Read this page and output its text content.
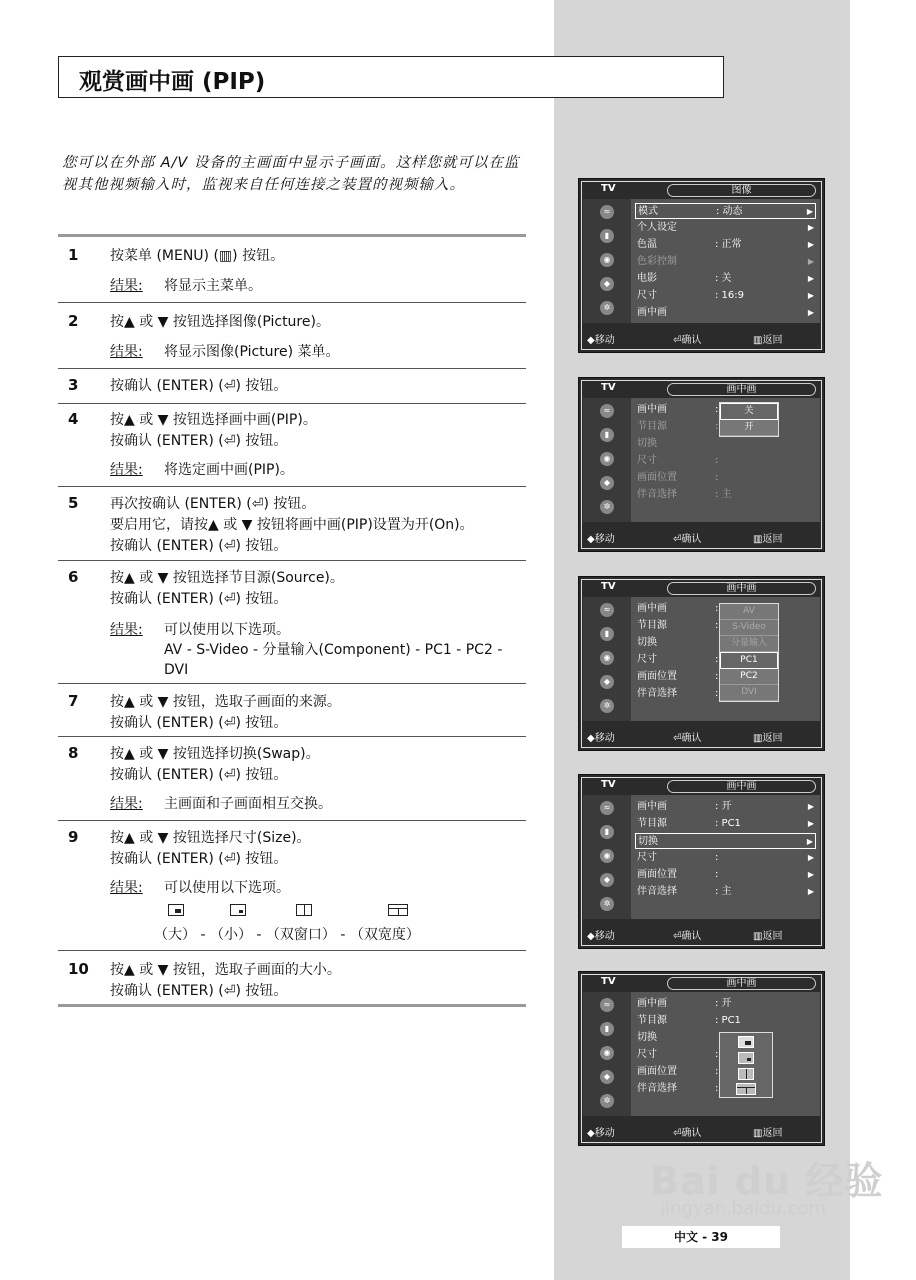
观赏画中画 (PIP)
您可以在外部 A/V 设备的主画面中显示子画面。这样您就可以在监视其他视频输入时，监视来自任何连接之装置的视频输入。
1 按菜单 (MENU) (▥) 按钮。
结果: 将显示主菜单。
2 按▲ 或 ▼ 按钮选择图像(Picture)。
结果: 将显示图像(Picture) 菜单。
3 按确认 (ENTER) (⏎) 按钮。
4 按▲ 或 ▼ 按钮选择画中画(PIP)。
按确认 (ENTER) (⏎) 按钮。
结果: 将选定画中画(PIP)。
5 再次按确认 (ENTER) (⏎) 按钮。
要启用它，请按▲ 或 ▼ 按钮将画中画(PIP)设置为开(On)。
按确认 (ENTER) (⏎) 按钮。
6 按▲ 或 ▼ 按钮选择节目源(Source)。
按确认 (ENTER) (⏎) 按钮。
结果: 可以使用以下选项。
AV - S-Video - 分量输入(Component) - PC1 - PC2 -
DVI
7 按▲ 或 ▼ 按钮，选取子画面的来源。
按确认 (ENTER) (⏎) 按钮。
8 按▲ 或 ▼ 按钮选择切换(Swap)。
按确认 (ENTER) (⏎) 按钮。
结果: 主画面和子画面相互交换。
9 按▲ 或 ▼ 按钮选择尺寸(Size)。
按确认 (ENTER) (⏎) 按钮。
结果: 可以使用以下选项。
（大） - （小） - （双窗口） - （双宽度）
10 按▲ 或 ▼ 按钮，选取子画面的大小。
按确认 (ENTER) (⏎) 按钮。
TV	图像
≈
▮
◉
◆
✲
模式	: 动态	▶
个人设定	▶
色温	: 正常	▶
色彩控制	▶
电影	: 关	▶
尺寸	: 16:9	▶
画中画	▶
◆移动	⏎确认	▥返回
TV	画中画
≈
▮
◉
◆
✲
画中画	:
节目源	:
切换
尺寸	:
画面位置	:
伴音选择	: 主
关
开
◆移动	⏎确认	▥返回
TV	画中画
≈
▮
◉
◆
✲
画中画	:
节目源	:
切换
尺寸	:
画面位置	:
伴音选择	:
AV
S-Video
分量输入
PC1
PC2
DVI
◆移动	⏎确认	▥返回
TV	画中画
≈
▮
◉
◆
✲
画中画	: 开	▶
节目源	: PC1	▶
切换	▶
尺寸	:	▶
画面位置	:	▶
伴音选择	: 主	▶
◆移动	⏎确认	▥返回
TV	画中画
≈
▮
◉
◆
✲
画中画	: 开
节目源	: PC1
切换
尺寸	:
画面位置	:
伴音选择	:
◆移动	⏎确认	▥返回
Bai du 经验
jingyan.baidu.com
中文 - 39
